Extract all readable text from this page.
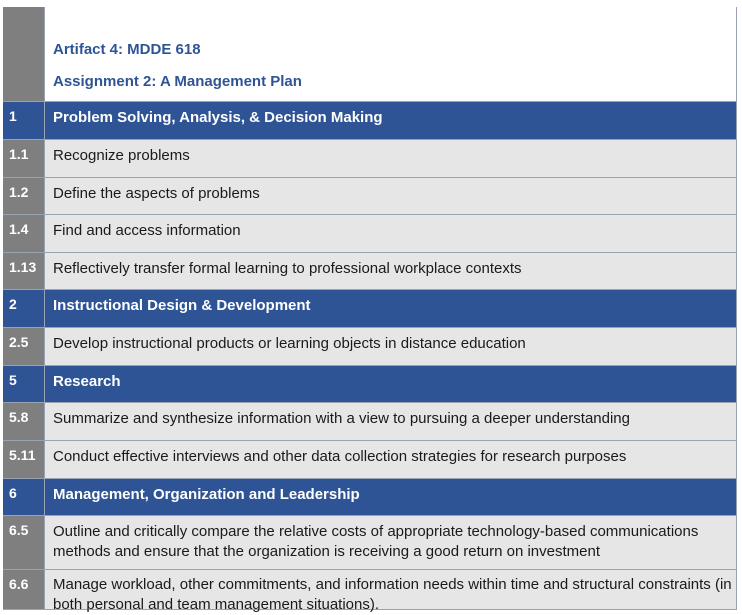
Artifact 4: MDDE 618
Assignment 2: A Management Plan
1	Problem Solving, Analysis, & Decision Making
1.1	Recognize problems
1.2	Define the aspects of problems
1.4	Find and access information
1.13	Reflectively transfer formal learning to professional workplace contexts
2	Instructional Design & Development
2.5	Develop instructional products or learning objects in distance education
5	Research
5.8	Summarize and synthesize information with a view to pursuing a deeper understanding
5.11	Conduct effective interviews and other data collection strategies for research purposes
6	Management, Organization and Leadership
6.5	Outline and critically compare the relative costs of appropriate technology-based communications methods and ensure that the organization is receiving a good return on investment
6.6	Manage workload, other commitments, and information needs within time and structural constraints (in both personal and team management situations).
